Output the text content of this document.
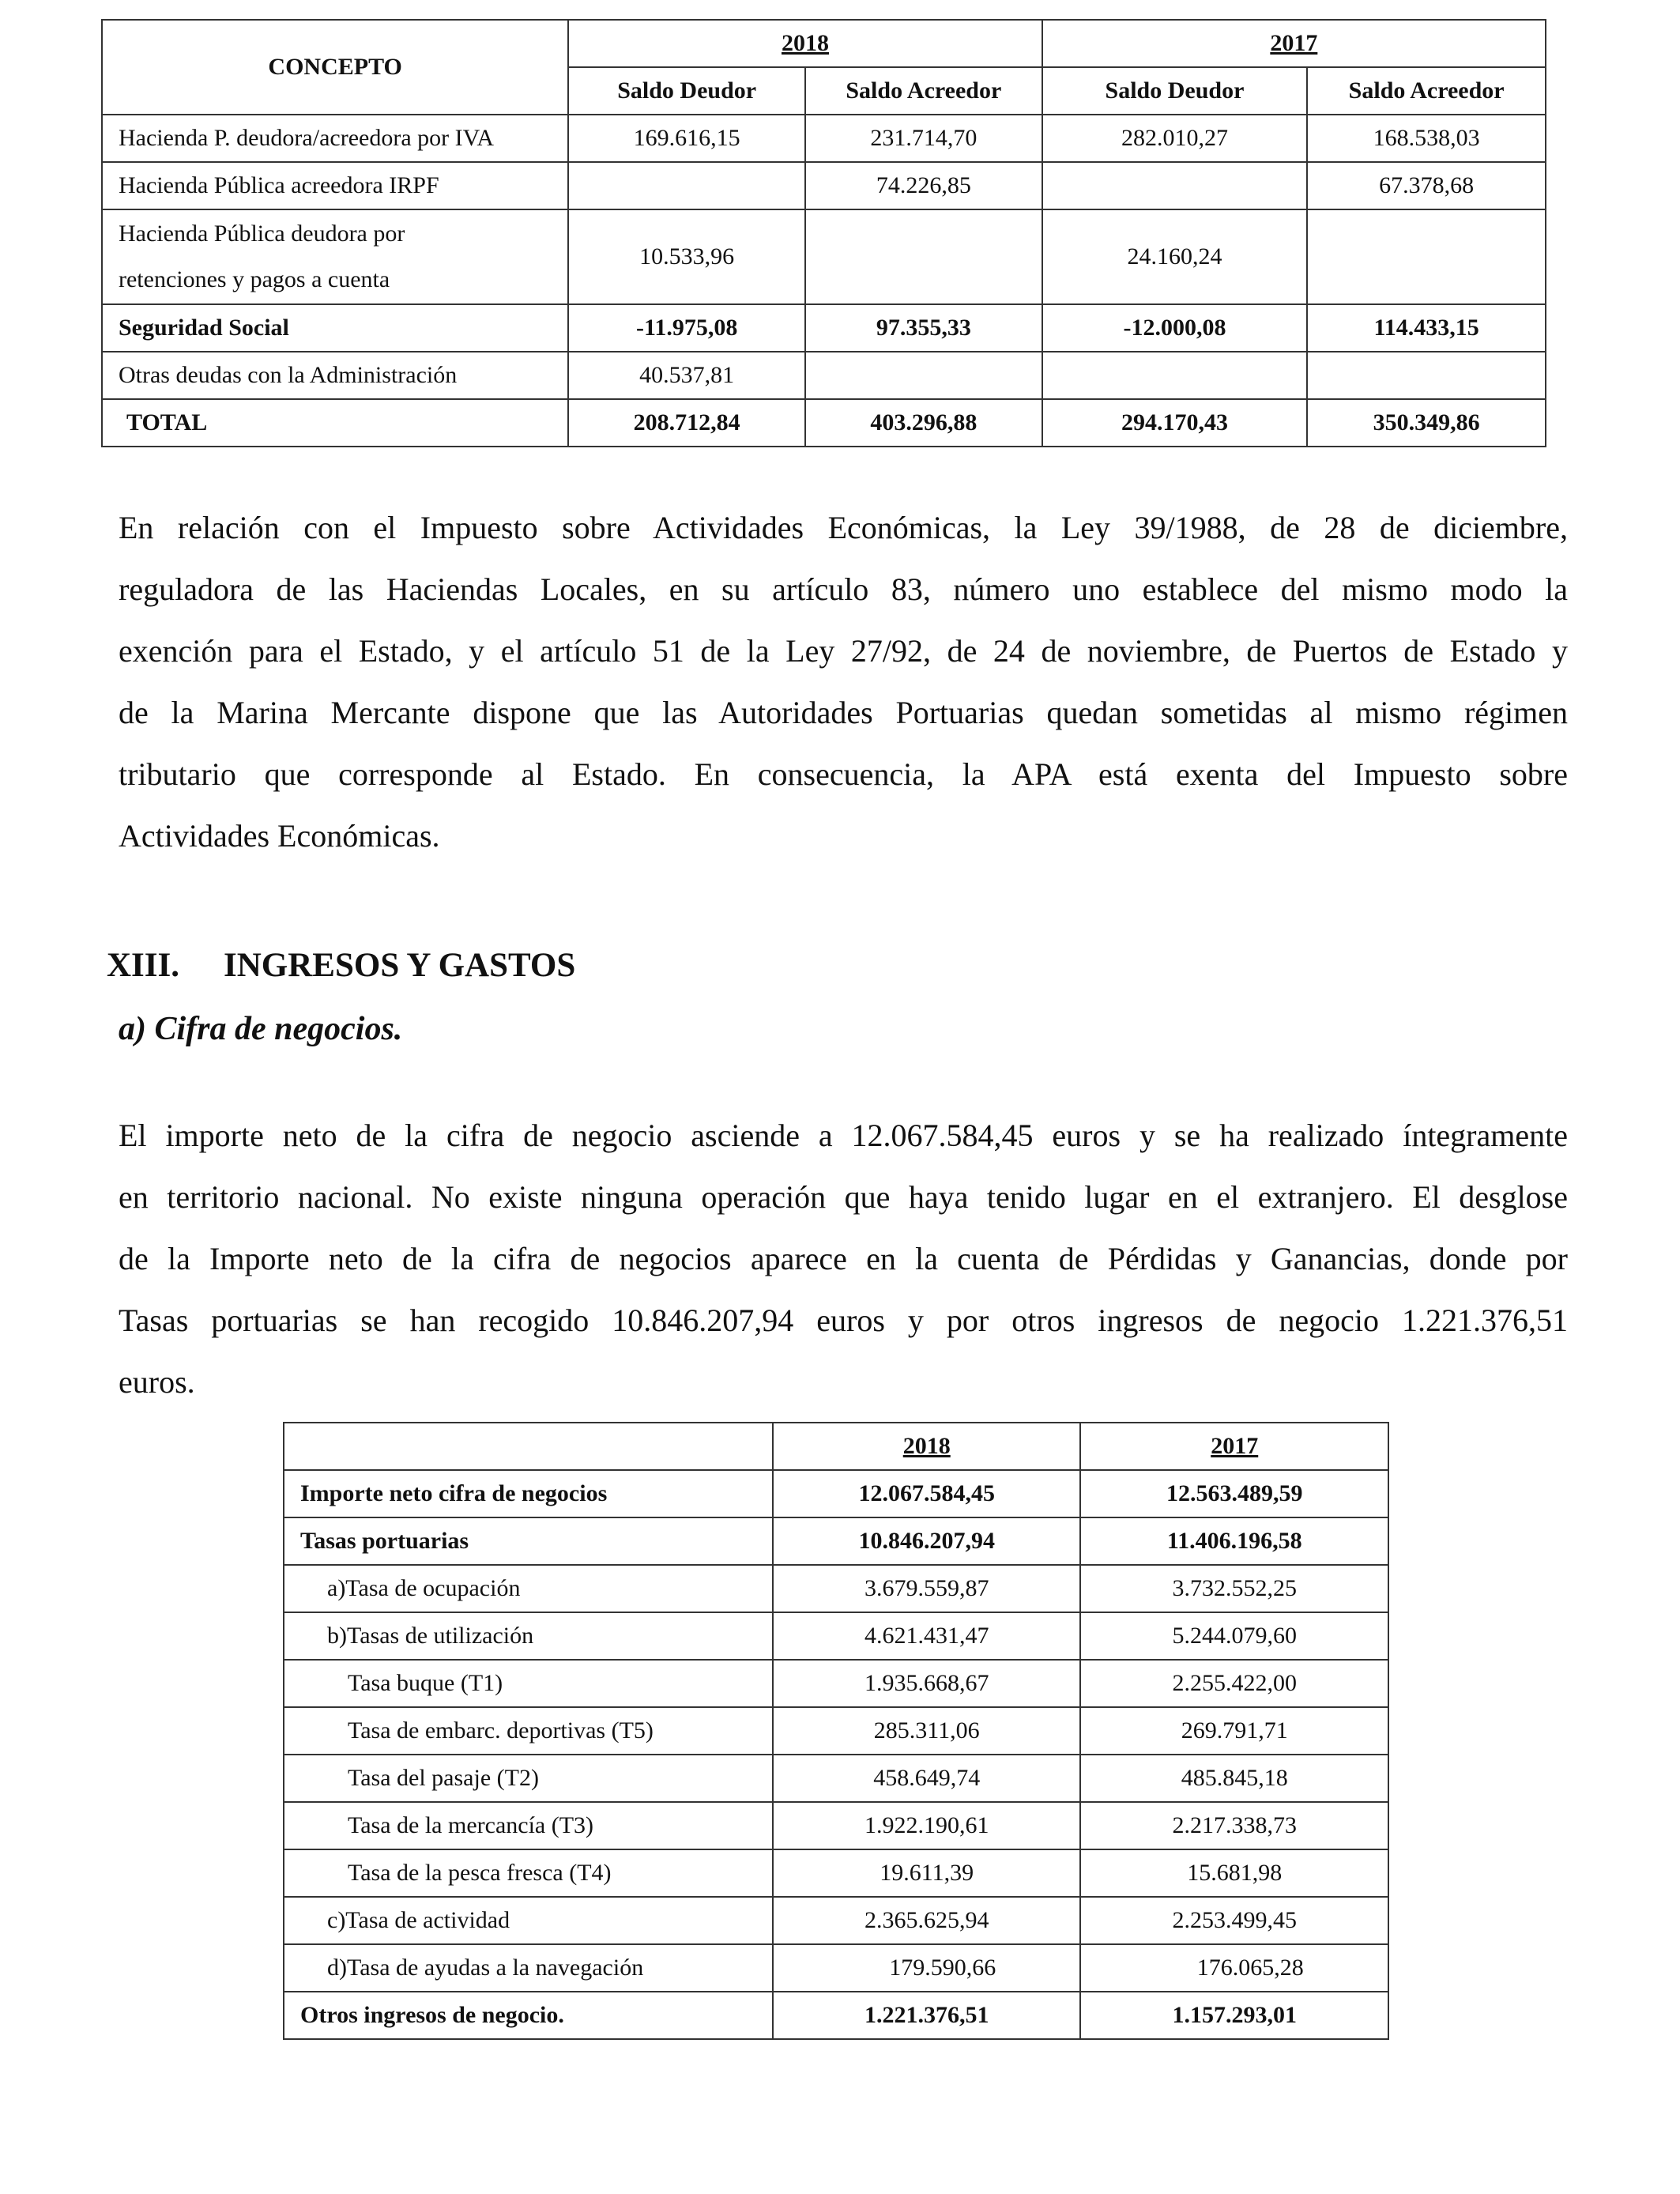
CONCEPTO	2018		2017	
	Saldo Deudor	Saldo Acreedor	Saldo Deudor	Saldo Acreedor
Hacienda P. deudora/acreedora por IVA	169.616,15	231.714,70	282.010,27	168.538,03
Hacienda Pública acreedora IRPF		74.226,85		67.378,68

Hacienda Pública deudora por
retenciones y pagos a cuenta	10.533,96		24.160,24	
Seguridad Social	-11.975,08	97.355,33	-12.000,08	114.433,15
Otras deudas con la Administración	40.537,81			
TOTAL	208.712,84	403.296,88	294.170,43	350.349,86
En relación con el Impuesto sobre Actividades Económicas, la Ley 39/1988, de 28 de diciembre,
reguladora de las Haciendas Locales, en su artículo 83, número uno establece del mismo modo la
exención para el Estado, y el artículo 51 de la Ley 27/92, de 24 de noviembre, de Puertos de Estado y
de la Marina Mercante dispone que las Autoridades Portuarias quedan sometidas al mismo régimen
tributario que corresponde al Estado. En consecuencia, la APA está exenta del Impuesto sobre
Actividades Económicas.
XIII. INGRESOS Y GASTOS
a) Cifra de negocios.
El importe neto de la cifra de negocio asciende a 12.067.584,45 euros y se ha realizado íntegramente
en territorio nacional. No existe ninguna operación que haya tenido lugar en el extranjero. El desglose
de la Importe neto de la cifra de negocios aparece en la cuenta de Pérdidas y Ganancias, donde por
Tasas portuarias se han recogido 10.846.207,94 euros y por otros ingresos de negocio 1.221.376,51
euros.
	2018	2017
Importe neto cifra de negocios	12.067.584,45	12.563.489,59
Tasas portuarias	10.846.207,94	11.406.196,58
a)Tasa de ocupación	3.679.559,87	3.732.552,25
b)Tasas de utilización	4.621.431,47	5.244.079,60
Tasa buque (T1)	1.935.668,67	2.255.422,00
Tasa de embarc. deportivas (T5)	285.311,06	269.791,71
Tasa del pasaje (T2)	458.649,74	485.845,18
Tasa de la mercancía (T3)	1.922.190,61	2.217.338,73
Tasa de la pesca fresca (T4)	19.611,39	15.681,98
c)Tasa de actividad	2.365.625,94	2.253.499,45
d)Tasa de ayudas a la navegación	179.590,66	176.065,28
Otros ingresos de negocio.	1.221.376,51	1.157.293,01
